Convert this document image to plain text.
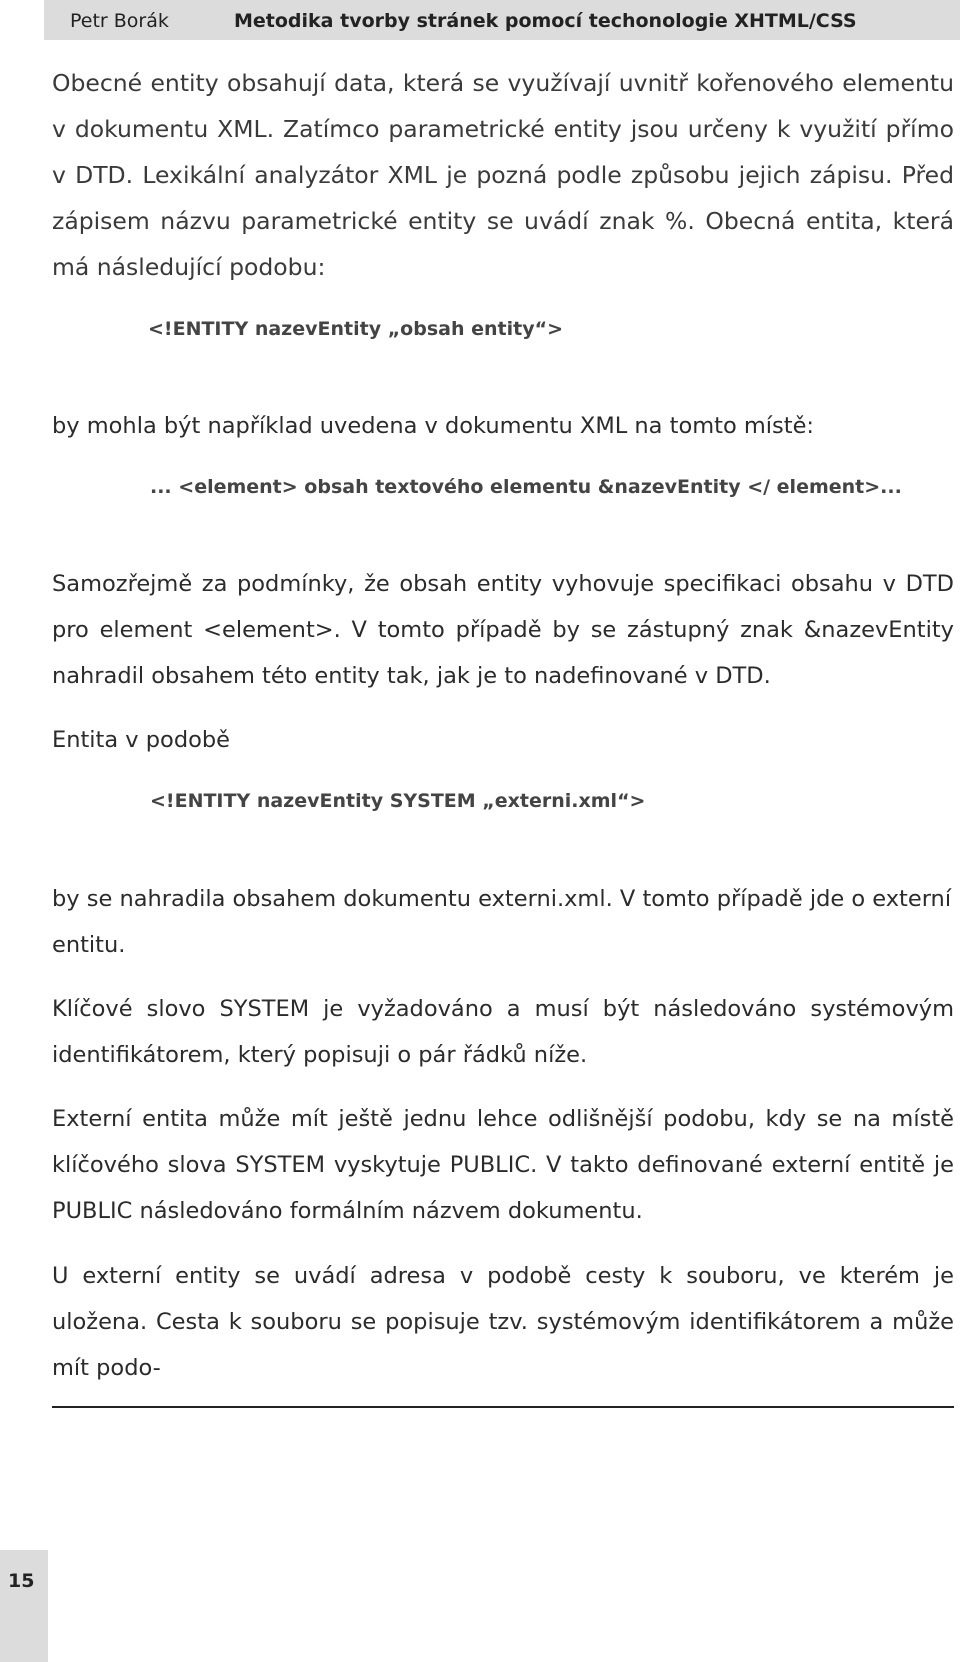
Petr Borák	Metodika tvorby stránek pomocí techonologie XHTML/CSS

Obecné entity obsahují data, která se využívají uvnitř kořenového elementu v dokumentu XML. Zatímco parametrické entity jsou určeny k využití přímo v DTD. Lexikální analyzátor XML je pozná podle způsobu jejich zápisu. Před zápisem názvu parametrické entity se uvádí znak %. Obecná entita, která má následující podobu:

<!ENTITY nazevEntity „obsah entity“>

by mohla být například uvedena v dokumentu XML na tomto místě:

... <element> obsah textového elementu &nazevEntity </ element>...

Samozřejmě za podmínky, že obsah entity vyhovuje specifikaci obsahu v DTD pro element <element>. V tomto případě by se zástupný znak &nazevEntity nahradil obsahem této entity tak, jak je to nadefinované v DTD.

Entita v podobě

<!ENTITY nazevEntity SYSTEM „externi.xml“>

by se nahradila obsahem dokumentu externi.xml. V tomto případě jde o externí entitu.

Klíčové slovo SYSTEM je vyžadováno a musí být následováno systémovým identifikátorem, který popisuji o pár řádků níže.

Externí entita může mít ještě jednu lehce odlišnější podobu, kdy se na místě klíčového slova SYSTEM vyskytuje PUBLIC. V takto definované externí entitě je PUBLIC následováno formálním názvem dokumentu.

U externí entity se uvádí adresa v podobě cesty k souboru, ve kterém je uložena. Cesta k souboru se popisuje tzv. systémovým identifikátorem a může mít podo-

15
